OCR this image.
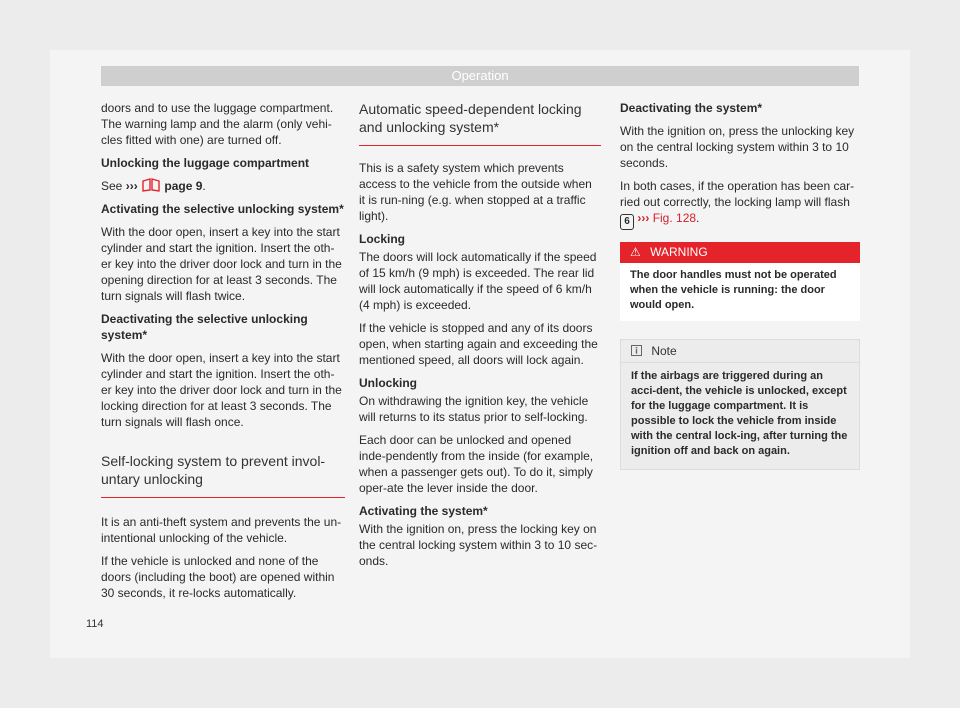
Operation

doors and to use the luggage compartment. The warning lamp and the alarm (only vehi-cles fitted with one) are turned off.

Unlocking the luggage compartment

See ››› page 9.

Activating the selective unlocking system*

With the door open, insert a key into the start cylinder and start the ignition. Insert the oth-er key into the driver door lock and turn in the opening direction for at least 3 seconds. The turn signals will flash twice.

Deactivating the selective unlocking system*

With the door open, insert a key into the start cylinder and start the ignition. Insert the oth-er key into the driver door lock and turn in the locking direction for at least 3 seconds. The turn signals will flash once.

Self-locking system to prevent invol-untary unlocking

It is an anti-theft system and prevents the un-intentional unlocking of the vehicle.

If the vehicle is unlocked and none of the doors (including the boot) are opened within 30 seconds, it re-locks automatically.

Automatic speed-dependent locking and unlocking system*

This is a safety system which prevents access to the vehicle from the outside when it is run-ning (e.g. when stopped at a traffic light).

Locking

The doors will lock automatically if the speed of 15 km/h (9 mph) is exceeded. The rear lid will lock automatically if the speed of 6 km/h (4 mph) is exceeded.

If the vehicle is stopped and any of its doors open, when starting again and exceeding the mentioned speed, all doors will lock again.

Unlocking

On withdrawing the ignition key, the vehicle will returns to its status prior to self-locking.

Each door can be unlocked and opened inde-pendently from the inside (for example, when a passenger gets out). To do it, simply oper-ate the lever inside the door.

Activating the system*

With the ignition on, press the locking key on the central locking system within 3 to 10 sec-onds.

Deactivating the system*

With the ignition on, press the unlocking key on the central locking system within 3 to 10 seconds.

In both cases, if the operation has been car-ried out correctly, the locking lamp will flash
6 ››› Fig. 128.

⚠ WARNING
The door handles must not be operated when the vehicle is running: the door would open.
Note
If the airbags are triggered during an acci-dent, the vehicle is unlocked, except for the luggage compartment. It is possible to lock the vehicle from inside with the central lock-ing, after turning the ignition off and back on again.
114
